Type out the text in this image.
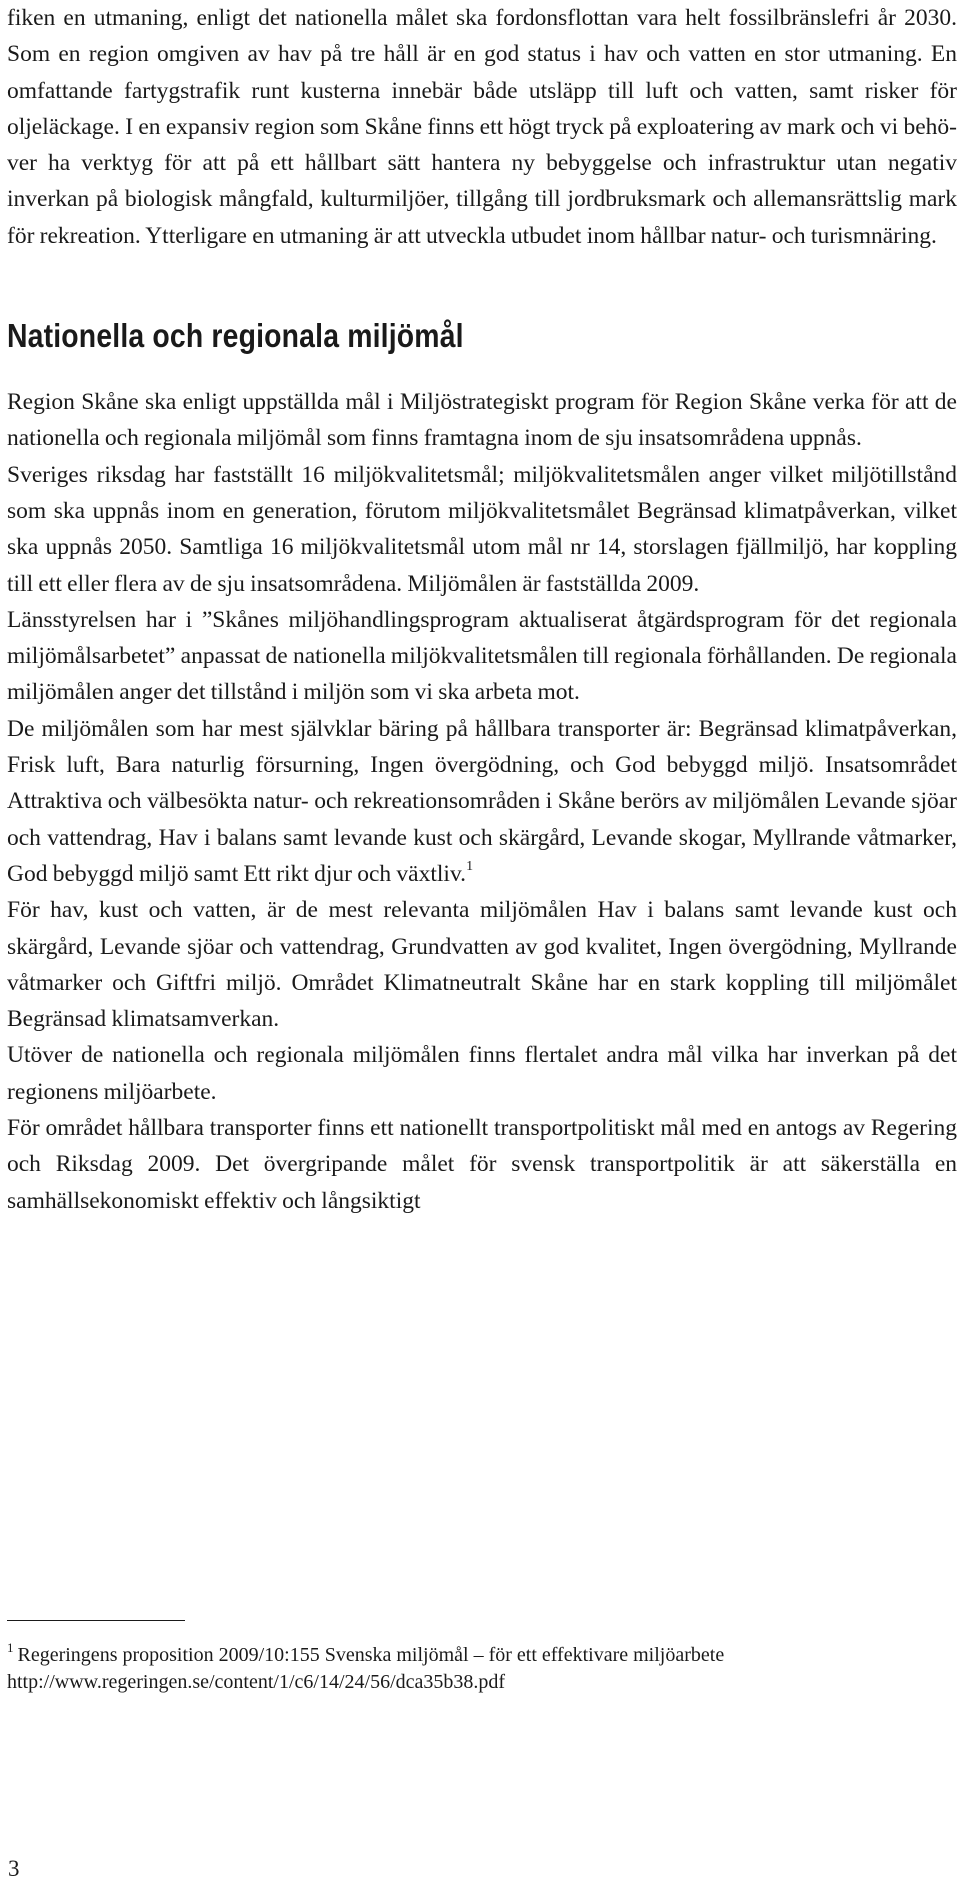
fiken en utmaning, enligt det nationella målet ska fordonsflottan vara helt fossilbränslefri år 2030. Som en region omgiven av hav på tre håll är en god status i hav och vatten en stor utmaning. En omfattande fartygstrafik runt kusterna innebär både utsläpp till luft och vatten, samt risker för oljeläckage. I en expansiv region som Skåne finns ett högt tryck på exploatering av mark och vi behöver ha verktyg för att på ett hållbart sätt hantera ny bebyggelse och infrastruktur utan negativ inverkan på biologisk mångfald, kulturmiljöer, tillgång till jordbruksmark och allemansrättslig mark för rekreation. Ytterligare en utmaning är att utveckla utbudet inom hållbar natur- och turismnäring.

Nationella och regionala miljömål

Region Skåne ska enligt uppställda mål i Miljöstrategiskt program för Region Skåne verka för att de nationella och regionala miljömål som finns framtagna inom de sju insatsområdena uppnås.

Sveriges riksdag har fastställt 16 miljökvalitetsmål; miljökvalitetsmålen anger vilket miljötillstånd som ska uppnås inom en generation, förutom miljökvalitetsmålet Begränsad klimatpåverkan, vilket ska uppnås 2050. Samtliga 16 miljökvalitetsmål utom mål nr 14, storslagen fjällmiljö, har koppling till ett eller flera av de sju insatsområdena. Miljömålen är fastställda 2009.

Länsstyrelsen har i ”Skånes miljöhandlingsprogram aktualiserat åtgärdsprogram för det regionala miljömålsarbetet” anpassat de nationella miljökvalitetsmålen till regionala förhållanden. De regionala miljömålen anger det tillstånd i miljön som vi ska arbeta mot.

De miljömålen som har mest självklar bäring på hållbara transporter är: Begränsad klimatpåverkan, Frisk luft, Bara naturlig försurning, Ingen övergödning, och God bebyggd miljö. Insatsområdet Attraktiva och välbesökta natur- och rekreationsområden i Skåne berörs av miljömålen Levande sjöar och vattendrag, Hav i balans samt levande kust och skärgård, Levande skogar, Myllrande våtmarker, God bebyggd miljö samt Ett rikt djur och växtliv.$^1$

För hav, kust och vatten, är de mest relevanta miljömålen Hav i balans samt levande kust och skärgård, Levande sjöar och vattendrag, Grundvatten av god kvalitet, Ingen övergödning, Myllrande våtmarker och Giftfri miljö. Området Klimatneutralt Skåne har en stark koppling till miljömålet Begränsad klimatsamverkan.

Utöver de nationella och regionala miljömålen finns flertalet andra mål vilka har inverkan på det regionens miljöarbete.

För området hållbara transporter finns ett nationellt transportpolitiskt mål med en antogs av Regering och Riksdag 2009. Det övergripande målet för svensk transportpolitik är att säkerställa en samhällsekonomiskt effektiv och långsiktigt

$^1$ Regeringens proposition 2009/10:155 Svenska miljömål – för ett effektivare miljöarbete
http://www.regeringen.se/content/1/c6/14/24/56/dca35b38.pdf
3
